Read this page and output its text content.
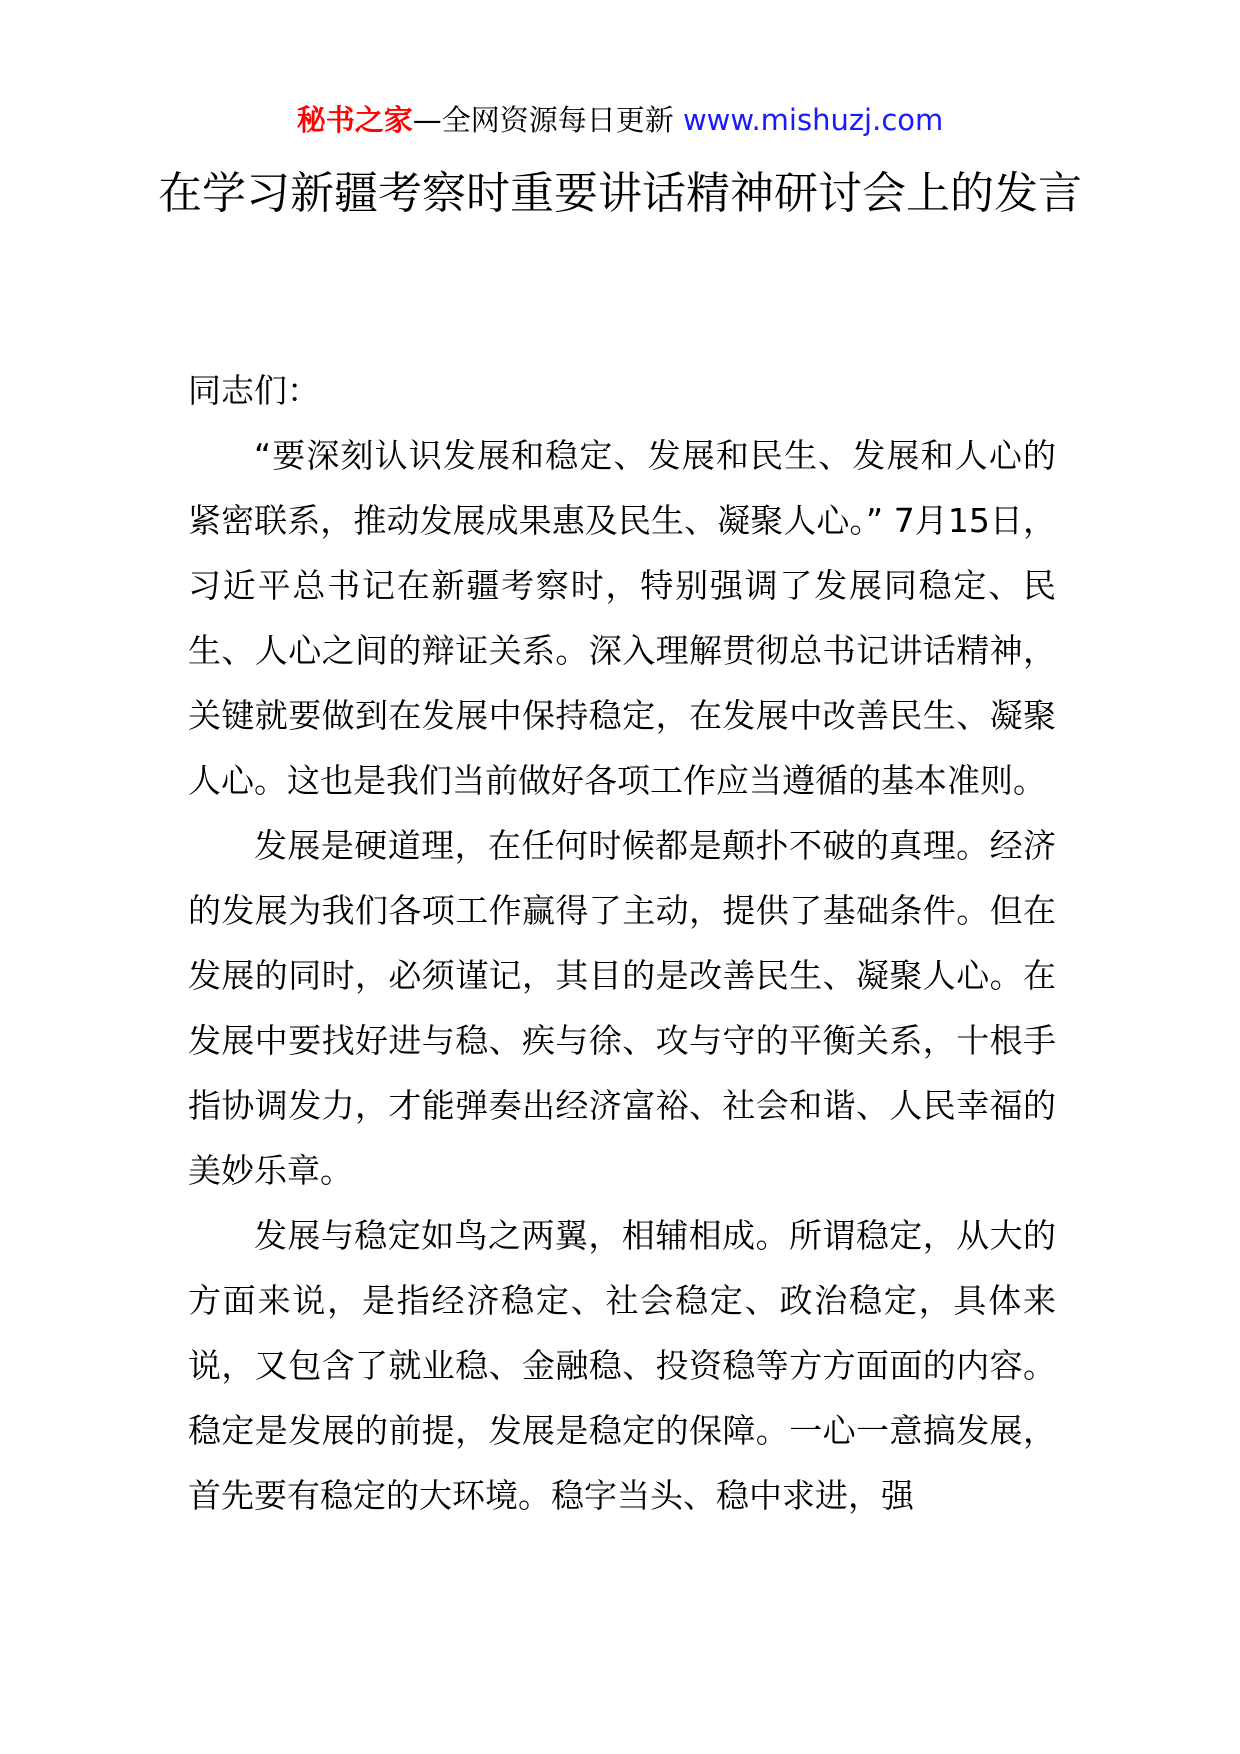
秘书之家—全网资源每日更新 www.mishuzj.com
在学习新疆考察时重要讲话精神研讨会上的发言

同志们：

“要深刻认识发展和稳定、发展和民生、发展和人心的紧密联系，推动发展成果惠及民生、凝聚人心。” 7月15日，习近平总书记在新疆考察时，特别强调了发展同稳定、民生、人心之间的辩证关系。深入理解贯彻总书记讲话精神，关键就要做到在发展中保持稳定，在发展中改善民生、凝聚人心。这也是我们当前做好各项工作应当遵循的基本准则。

发展是硬道理，在任何时候都是颠扑不破的真理。经济的发展为我们各项工作赢得了主动，提供了基础条件。但在发展的同时，必须谨记，其目的是改善民生、凝聚人心。在发展中要找好进与稳、疾与徐、攻与守的平衡关系，十根手指协调发力，才能弹奏出经济富裕、社会和谐、人民幸福的美妙乐章。

发展与稳定如鸟之两翼，相辅相成。所谓稳定，从大的方面来说，是指经济稳定、社会稳定、政治稳定，具体来说，又包含了就业稳、金融稳、投资稳等方方面面的内容。稳定是发展的前提，发展是稳定的保障。一心一意搞发展，首先要有稳定的大环境。稳字当头、稳中求进，强
